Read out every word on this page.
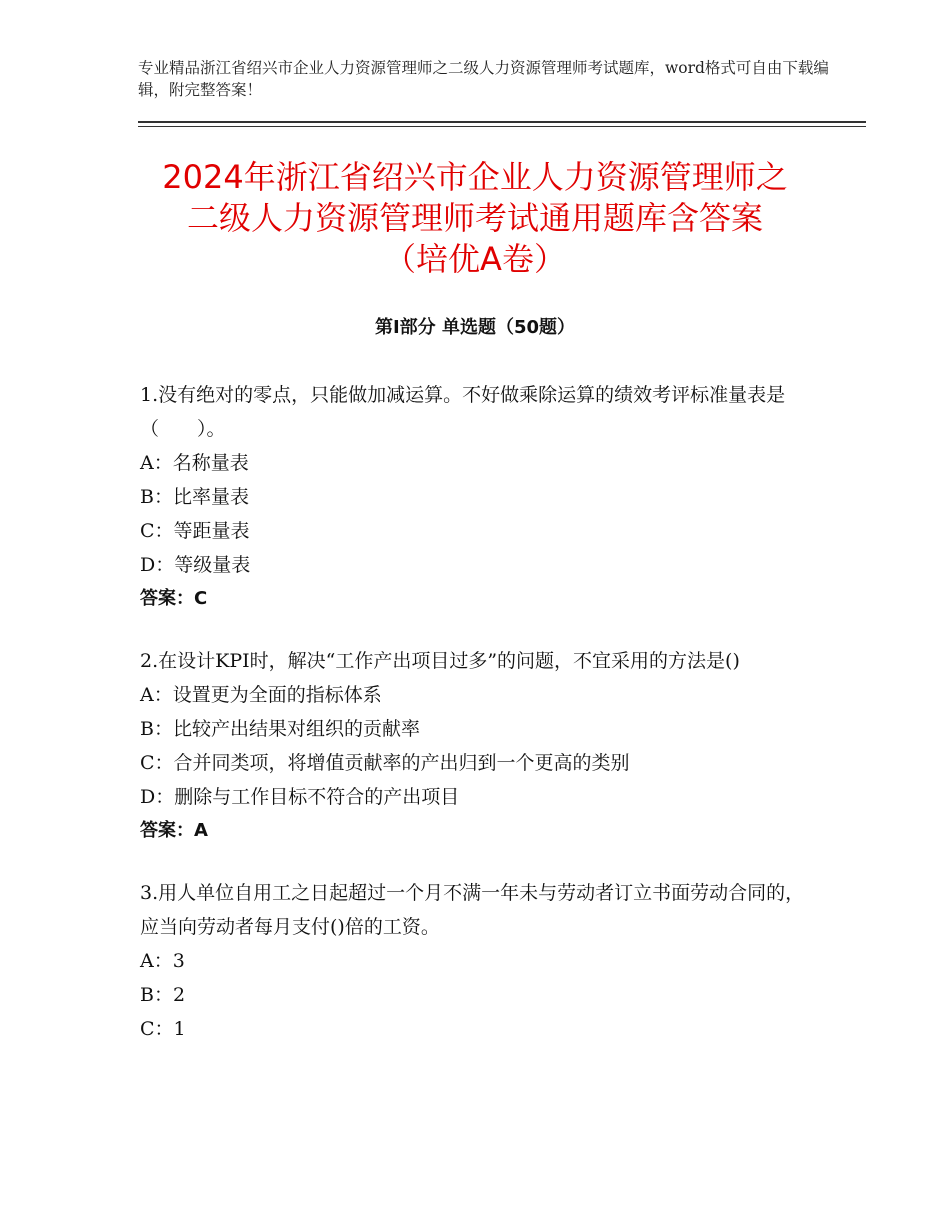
专业精品浙江省绍兴市企业人力资源管理师之二级人力资源管理师考试题库，word格式可自由下载编辑，附完整答案！
2024年浙江省绍兴市企业人力资源管理师之
二级人力资源管理师考试通用题库含答案
（培优A卷）
第Ⅰ部分 单选题（50题）

1.没有绝对的零点，只能做加减运算。不好做乘除运算的绩效考评标准量表是（　　）。

A：名称量表

B：比率量表

C：等距量表

D：等级量表

答案：C

2.在设计KPI时，解决“工作产出项目过多”的问题，不宜采用的方法是()

A：设置更为全面的指标体系

B：比较产出结果对组织的贡献率

C：合并同类项，将增值贡献率的产出归到一个更高的类别

D：删除与工作目标不符合的产出项目

答案：A

3.用人单位自用工之日起超过一个月不满一年未与劳动者订立书面劳动合同的，应当向劳动者每月支付()倍的工资。

A：3

B：2

C：1
